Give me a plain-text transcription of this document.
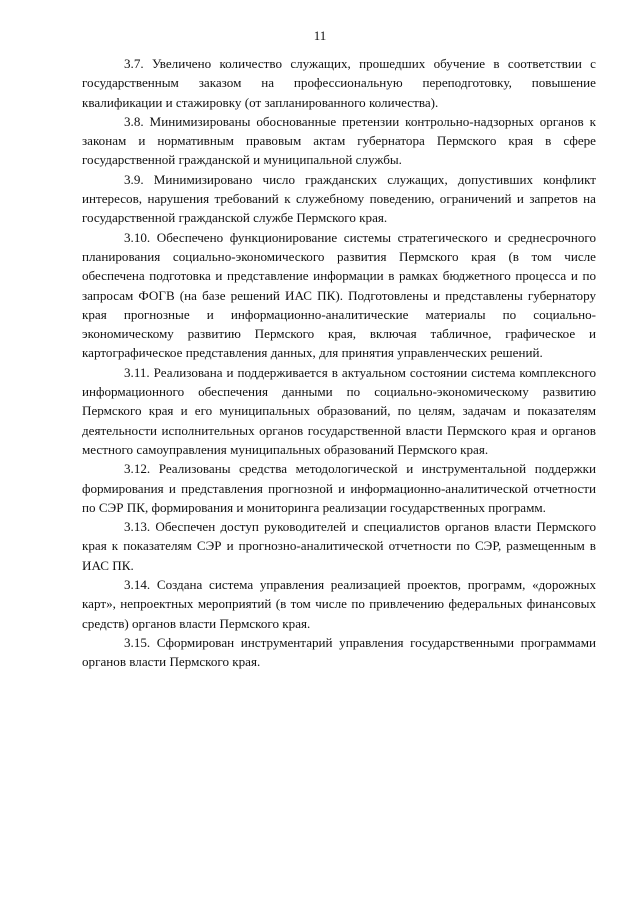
11

3.7. Увеличено количество служащих, прошедших обучение в соответствии с государственным заказом на профессиональную переподготовку, повышение квалификации и стажировку (от запланированного количества).

3.8. Минимизированы обоснованные претензии контрольно-надзорных органов к законам и нормативным правовым актам губернатора Пермского края в сфере государственной гражданской и муниципальной службы.

3.9. Минимизировано число гражданских служащих, допустивших конфликт интересов, нарушения требований к служебному поведению, ограничений и запретов на государственной гражданской службе Пермского края.

3.10. Обеспечено функционирование системы стратегического и среднесрочного планирования социально-экономического развития Пермского края (в том числе обеспечена подготовка и представление информации в рамках бюджетного процесса и по запросам ФОГВ (на базе решений ИАС ПК). Подготовлены и представлены губернатору края прогнозные и информационно-аналитические материалы по социально-экономическому развитию Пермского края, включая табличное, графическое и картографическое представления данных, для принятия управленческих решений.

3.11. Реализована и поддерживается в актуальном состоянии система комплексного информационного обеспечения данными по социально-экономическому развитию Пермского края и его муниципальных образований, по целям, задачам и показателям деятельности исполнительных органов государственной власти Пермского края и органов местного самоуправления муниципальных образований Пермского края.

3.12. Реализованы средства методологической и инструментальной поддержки формирования и представления прогнозной и информационно-аналитической отчетности по СЭР ПК, формирования и мониторинга реализации государственных программ.

3.13. Обеспечен доступ руководителей и специалистов органов власти Пермского края к показателям СЭР и прогнозно-аналитической отчетности по СЭР, размещенным в ИАС ПК.

3.14. Создана система управления реализацией проектов, программ, «дорожных карт», непроектных мероприятий (в том числе по привлечению федеральных финансовых средств) органов власти Пермского края.

3.15. Сформирован инструментарий управления государственными программами органов власти Пермского края.
